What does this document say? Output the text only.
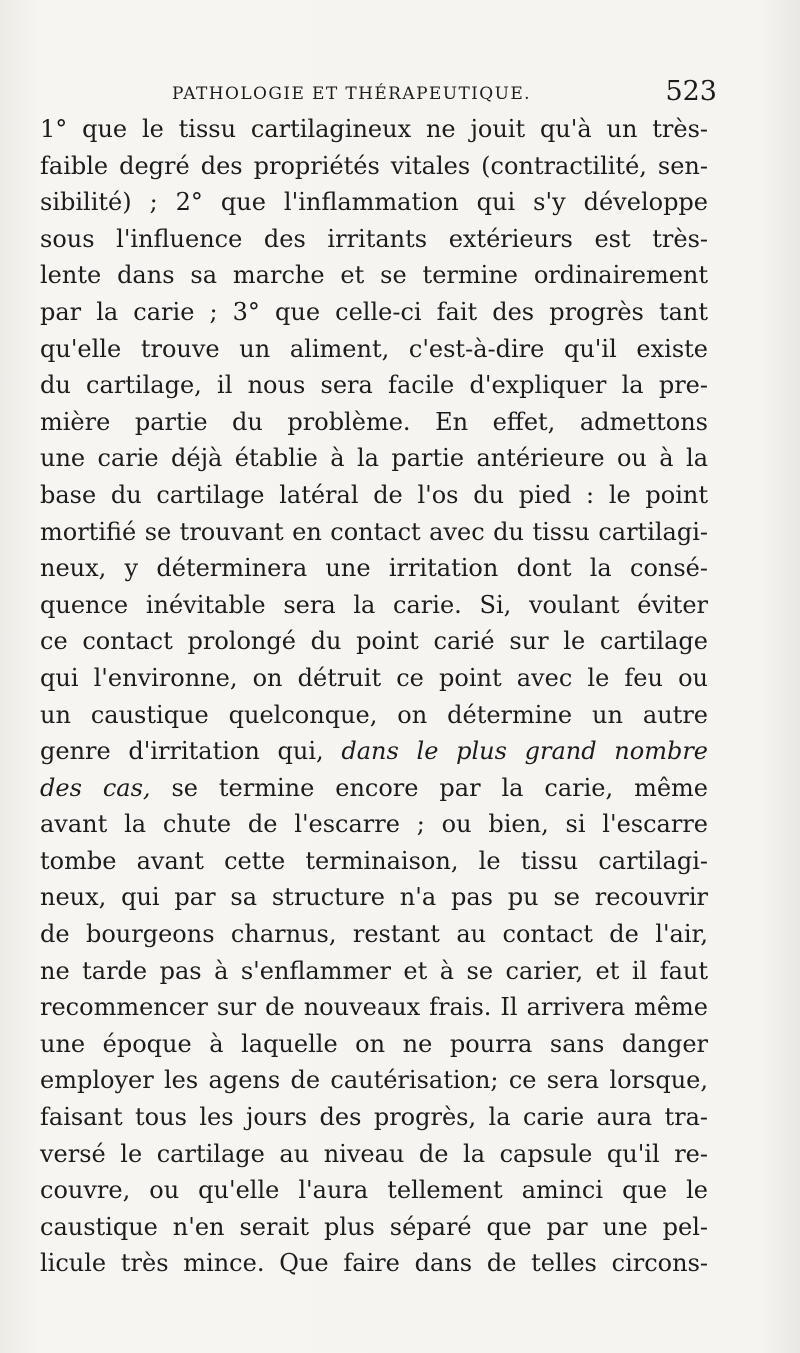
PATHOLOGIE ET THÉRAPEUTIQUE.	523
1° que le tissu cartilagineux ne jouit qu'à un très-
faible degré des propriétés vitales (contractilité, sen-
sibilité) ; 2° que l'inflammation qui s'y développe
sous l'influence des irritants extérieurs est très-
lente dans sa marche et se termine ordinairement
par la carie ; 3° que celle-ci fait des progrès tant
qu'elle trouve un aliment, c'est-à-dire qu'il existe
du cartilage, il nous sera facile d'expliquer la pre-
mière partie du problème. En effet, admettons
une carie déjà établie à la partie antérieure ou à la
base du cartilage latéral de l'os du pied : le point
mortifié se trouvant en contact avec du tissu cartilagi-
neux, y déterminera une irritation dont la consé-
quence inévitable sera la carie. Si, voulant éviter
ce contact prolongé du point carié sur le cartilage
qui l'environne, on détruit ce point avec le feu ou
un caustique quelconque, on détermine un autre
genre d'irritation qui, dans le plus grand nombre
des cas, se termine encore par la carie, même
avant la chute de l'escarre ; ou bien, si l'escarre
tombe avant cette terminaison, le tissu cartilagi-
neux, qui par sa structure n'a pas pu se recouvrir
de bourgeons charnus, restant au contact de l'air,
ne tarde pas à s'enflammer et à se carier, et il faut
recommencer sur de nouveaux frais. Il arrivera même
une époque à laquelle on ne pourra sans danger
employer les agens de cautérisation; ce sera lorsque,
faisant tous les jours des progrès, la carie aura tra-
versé le cartilage au niveau de la capsule qu'il re-
couvre, ou qu'elle l'aura tellement aminci que le
caustique n'en serait plus séparé que par une pel-
licule très mince. Que faire dans de telles circons-
